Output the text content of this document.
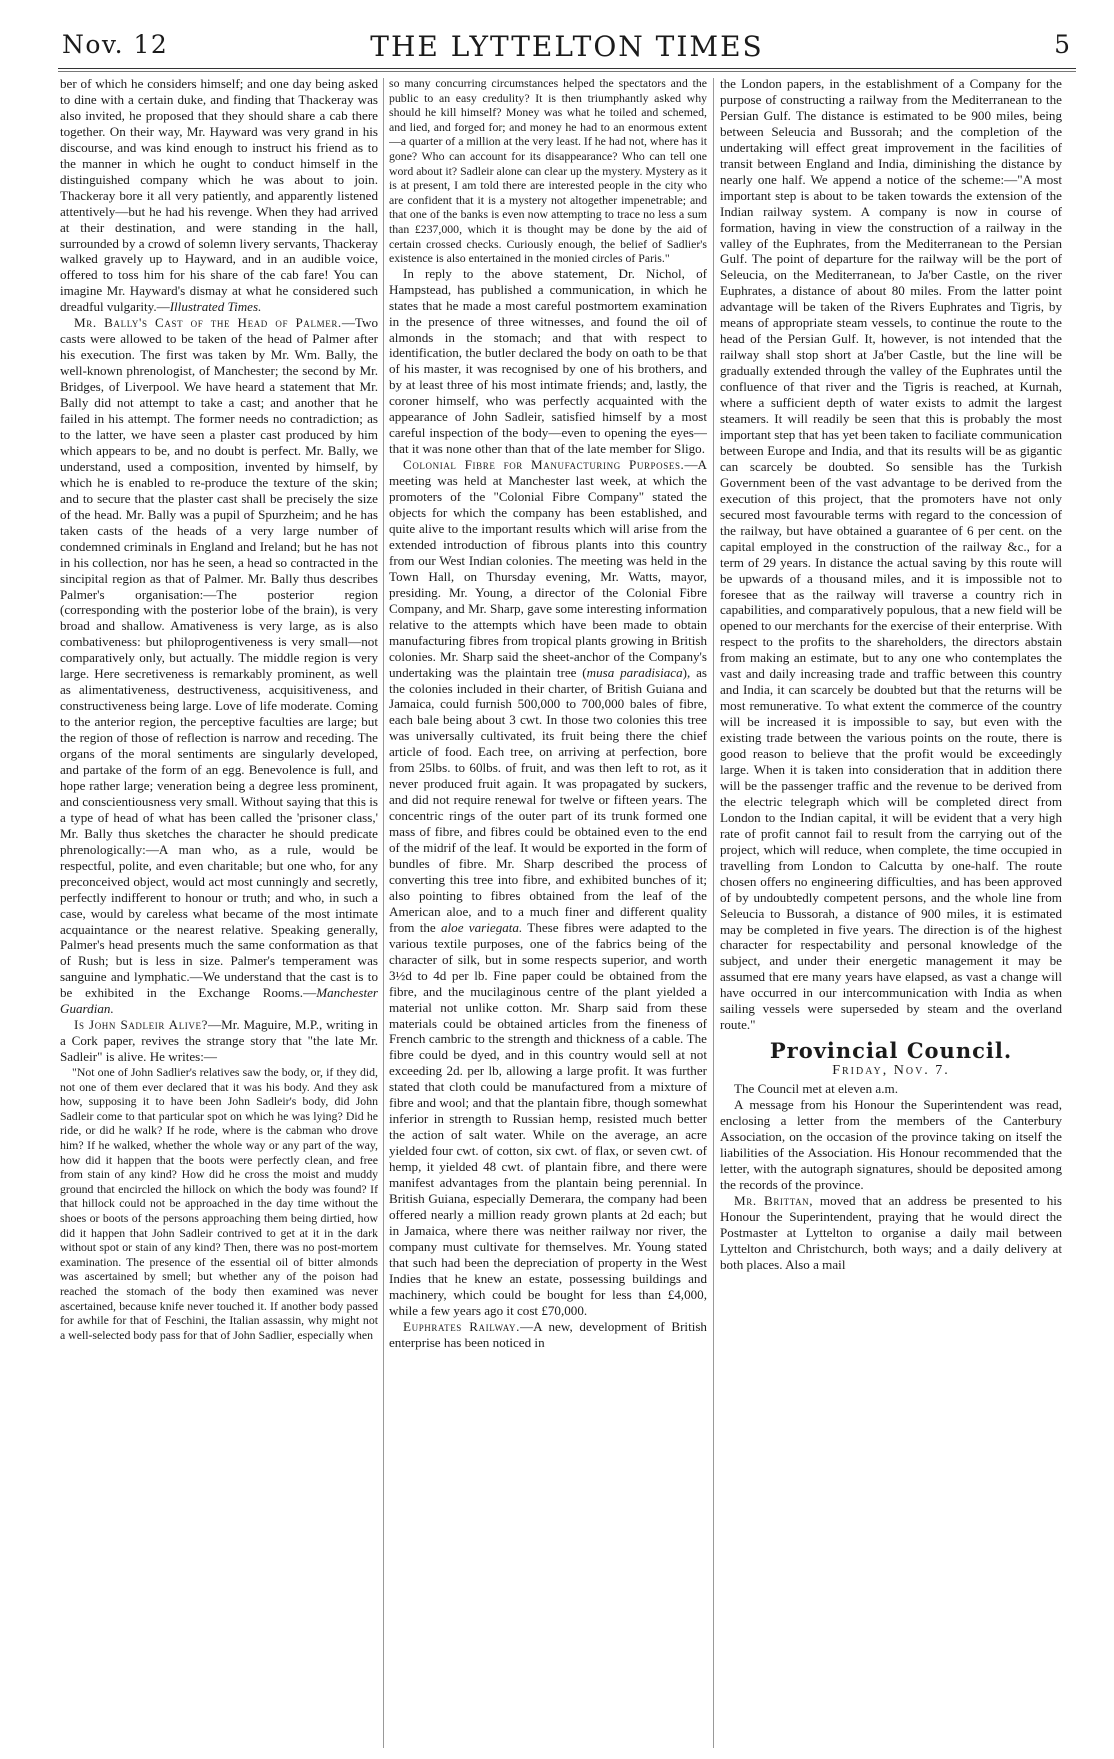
Nov. 12	THE LYTTELTON TIMES	5

ber of which he considers himself; and one day being asked to dine with a certain duke, and finding that Thackeray was also invited, he proposed that they should share a cab there together. On their way, Mr. Hayward was very grand in his discourse, and was kind enough to instruct his friend as to the manner in which he ought to conduct himself in the distinguished company which he was about to join. Thackeray bore it all very patiently, and apparently listened attentively—but he had his revenge. When they had arrived at their destination, and were standing in the hall, surrounded by a crowd of solemn livery servants, Thackeray walked gravely up to Hayward, and in an audible voice, offered to toss him for his share of the cab fare! You can imagine Mr. Hayward's dismay at what he considered such dreadful vulgarity.—Illustrated Times.

Mr. Bally's Cast of the Head of Palmer.—Two casts were allowed to be taken of the head of Palmer after his execution. The first was taken by Mr. Wm. Bally, the well-known phrenologist, of Manchester; the second by Mr. Bridges, of Liverpool. We have heard a statement that Mr. Bally did not attempt to take a cast; and another that he failed in his attempt. The former needs no contradiction; as to the latter, we have seen a plaster cast produced by him which appears to be, and no doubt is perfect. Mr. Bally, we understand, used a composition, invented by himself, by which he is enabled to re-produce the texture of the skin; and to secure that the plaster cast shall be precisely the size of the head. Mr. Bally was a pupil of Spurzheim; and he has taken casts of the heads of a very large number of condemned criminals in England and Ireland; but he has not in his collection, nor has he seen, a head so contracted in the sincipital region as that of Palmer. Mr. Bally thus describes Palmer's organisation:—The posterior region (corresponding with the posterior lobe of the brain), is very broad and shallow. Amativeness is very large, as is also combativeness: but philoprogentiveness is very small—not comparatively only, but actually. The middle region is very large. Here secretiveness is remarkably prominent, as well as alimentativeness, destructiveness, acquisitiveness, and constructiveness being large. Love of life moderate. Coming to the anterior region, the perceptive faculties are large; but the region of those of reflection is narrow and receding. The organs of the moral sentiments are singularly developed, and partake of the form of an egg. Benevolence is full, and hope rather large; veneration being a degree less prominent, and conscientiousness very small. Without saying that this is a type of head of what has been called the 'prisoner class,' Mr. Bally thus sketches the character he should predicate phrenologically:—A man who, as a rule, would be respectful, polite, and even charitable; but one who, for any preconceived object, would act most cunningly and secretly, perfectly indifferent to honour or truth; and who, in such a case, would by careless what became of the most intimate acquaintance or the nearest relative. Speaking generally, Palmer's head presents much the same conformation as that of Rush; but is less in size. Palmer's temperament was sanguine and lymphatic.—We understand that the cast is to be exhibited in the Exchange Rooms.—Manchester Guardian.

Is John Sadleir Alive?—Mr. Maguire, M.P., writing in a Cork paper, revives the strange story that "the late Mr. Sadleir" is alive. He writes:—

"Not one of John Sadlier's relatives saw the body, or, if they did, not one of them ever declared that it was his body. And they ask how, supposing it to have been John Sadleir's body, did John Sadleir come to that particular spot on which he was lying? Did he ride, or did he walk? If he rode, where is the cabman who drove him? If he walked, whether the whole way or any part of the way, how did it happen that the boots were perfectly clean, and free from stain of any kind? How did he cross the moist and muddy ground that encircled the hillock on which the body was found? If that hillock could not be approached in the day time without the shoes or boots of the persons approaching them being dirtied, how did it happen that John Sadleir contrived to get at it in the dark without spot or stain of any kind? Then, there was no post-mortem examination. The presence of the essential oil of bitter almonds was ascertained by smell; but whether any of the poison had reached the stomach of the body then examined was never ascertained, because knife never touched it. If another body passed for awhile for that of Feschini, the Italian assassin, why might not a well-selected body pass for that of John Sadlier, especially when

so many concurring circumstances helped the spectators and the public to an easy credulity? It is then triumphantly asked why should he kill himself? Money was what he toiled and schemed, and lied, and forged for; and money he had to an enormous extent—a quarter of a million at the very least. If he had not, where has it gone? Who can account for its disappearance? Who can tell one word about it? Sadleir alone can clear up the mystery. Mystery as it is at present, I am told there are interested people in the city who are confident that it is a mystery not altogether impenetrable; and that one of the banks is even now attempting to trace no less a sum than £237,000, which it is thought may be done by the aid of certain crossed checks. Curiously enough, the belief of Sadlier's existence is also entertained in the monied circles of Paris."

In reply to the above statement, Dr. Nichol, of Hampstead, has published a communication, in which he states that he made a most careful postmortem examination in the presence of three witnesses, and found the oil of almonds in the stomach; and that with respect to identification, the butler declared the body on oath to be that of his master, it was recognised by one of his brothers, and by at least three of his most intimate friends; and, lastly, the coroner himself, who was perfectly acquainted with the appearance of John Sadleir, satisfied himself by a most careful inspection of the body—even to opening the eyes—that it was none other than that of the late member for Sligo.

Colonial Fibre for Manufacturing Purposes.—A meeting was held at Manchester last week, at which the promoters of the "Colonial Fibre Company" stated the objects for which the company has been established, and quite alive to the important results which will arise from the extended introduction of fibrous plants into this country from our West Indian colonies. The meeting was held in the Town Hall, on Thursday evening, Mr. Watts, mayor, presiding. Mr. Young, a director of the Colonial Fibre Company, and Mr. Sharp, gave some interesting information relative to the attempts which have been made to obtain manufacturing fibres from tropical plants growing in British colonies. Mr. Sharp said the sheet-anchor of the Company's undertaking was the plaintain tree (musa paradisiaca), as the colonies included in their charter, of British Guiana and Jamaica, could furnish 500,000 to 700,000 bales of fibre, each bale being about 3 cwt. In those two colonies this tree was universally cultivated, its fruit being there the chief article of food. Each tree, on arriving at perfection, bore from 25lbs. to 60lbs. of fruit, and was then left to rot, as it never produced fruit again. It was propagated by suckers, and did not require renewal for twelve or fifteen years. The concentric rings of the outer part of its trunk formed one mass of fibre, and fibres could be obtained even to the end of the midrif of the leaf. It would be exported in the form of bundles of fibre. Mr. Sharp described the process of converting this tree into fibre, and exhibited bunches of it; also pointing to fibres obtained from the leaf of the American aloe, and to a much finer and different quality from the aloe variegata. These fibres were adapted to the various textile purposes, one of the fabrics being of the character of silk, but in some respects superior, and worth 3½d to 4d per lb. Fine paper could be obtained from the fibre, and the mucilaginous centre of the plant yielded a material not unlike cotton. Mr. Sharp said from these materials could be obtained articles from the fineness of French cambric to the strength and thickness of a cable. The fibre could be dyed, and in this country would sell at not exceeding 2d. per lb, allowing a large profit. It was further stated that cloth could be manufactured from a mixture of fibre and wool; and that the plantain fibre, though somewhat inferior in strength to Russian hemp, resisted much better the action of salt water. While on the average, an acre yielded four cwt. of cotton, six cwt. of flax, or seven cwt. of hemp, it yielded 48 cwt. of plantain fibre, and there were manifest advantages from the plantain being perennial. In British Guiana, especially Demerara, the company had been offered nearly a million ready grown plants at 2d each; but in Jamaica, where there was neither railway nor river, the company must cultivate for themselves. Mr. Young stated that such had been the depreciation of property in the West Indies that he knew an estate, possessing buildings and machinery, which could be bought for less than £4,000, while a few years ago it cost £70,000.

Euphrates Railway.—A new, development of British enterprise has been noticed in

the London papers, in the establishment of a Company for the purpose of constructing a railway from the Mediterranean to the Persian Gulf. The distance is estimated to be 900 miles, being between Seleucia and Bussorah; and the completion of the undertaking will effect great improvement in the facilities of transit between England and India, diminishing the distance by nearly one half. We append a notice of the scheme:—"A most important step is about to be taken towards the extension of the Indian railway system. A company is now in course of formation, having in view the construction of a railway in the valley of the Euphrates, from the Mediterranean to the Persian Gulf. The point of departure for the railway will be the port of Seleucia, on the Mediterranean, to Ja'ber Castle, on the river Euphrates, a distance of about 80 miles. From the latter point advantage will be taken of the Rivers Euphrates and Tigris, by means of appropriate steam vessels, to continue the route to the head of the Persian Gulf. It, however, is not intended that the railway shall stop short at Ja'ber Castle, but the line will be gradually extended through the valley of the Euphrates until the confluence of that river and the Tigris is reached, at Kurnah, where a sufficient depth of water exists to admit the largest steamers. It will readily be seen that this is probably the most important step that has yet been taken to faciliate communication between Europe and India, and that its results will be as gigantic can scarcely be doubted. So sensible has the Turkish Government been of the vast advantage to be derived from the execution of this project, that the promoters have not only secured most favourable terms with regard to the concession of the railway, but have obtained a guarantee of 6 per cent. on the capital employed in the construction of the railway &c., for a term of 29 years. In distance the actual saving by this route will be upwards of a thousand miles, and it is impossible not to foresee that as the railway will traverse a country rich in capabilities, and comparatively populous, that a new field will be opened to our merchants for the exercise of their enterprise. With respect to the profits to the shareholders, the directors abstain from making an estimate, but to any one who contemplates the vast and daily increasing trade and traffic between this country and India, it can scarcely be doubted but that the returns will be most remunerative. To what extent the commerce of the country will be increased it is impossible to say, but even with the existing trade between the various points on the route, there is good reason to believe that the profit would be exceedingly large. When it is taken into consideration that in addition there will be the passenger traffic and the revenue to be derived from the electric telegraph which will be completed direct from London to the Indian capital, it will be evident that a very high rate of profit cannot fail to result from the carrying out of the project, which will reduce, when complete, the time occupied in travelling from London to Calcutta by one-half. The route chosen offers no engineering difficulties, and has been approved of by undoubtedly competent persons, and the whole line from Seleucia to Bussorah, a distance of 900 miles, it is estimated may be completed in five years. The direction is of the highest character for respectability and personal knowledge of the subject, and under their energetic management it may be assumed that ere many years have elapsed, as vast a change will have occurred in our intercommunication with India as when sailing vessels were superseded by steam and the overland route."

Provincial Council.
Friday, Nov. 7.

The Council met at eleven a.m.

A message from his Honour the Superintendent was read, enclosing a letter from the members of the Canterbury Association, on the occasion of the province taking on itself the liabilities of the Association. His Honour recommended that the letter, with the autograph signatures, should be deposited among the records of the province.

Mr. Brittan, moved that an address be presented to his Honour the Superintendent, praying that he would direct the Postmaster at Lyttelton to organise a daily mail between Lyttelton and Christchurch, both ways; and a daily delivery at both places. Also a mail
